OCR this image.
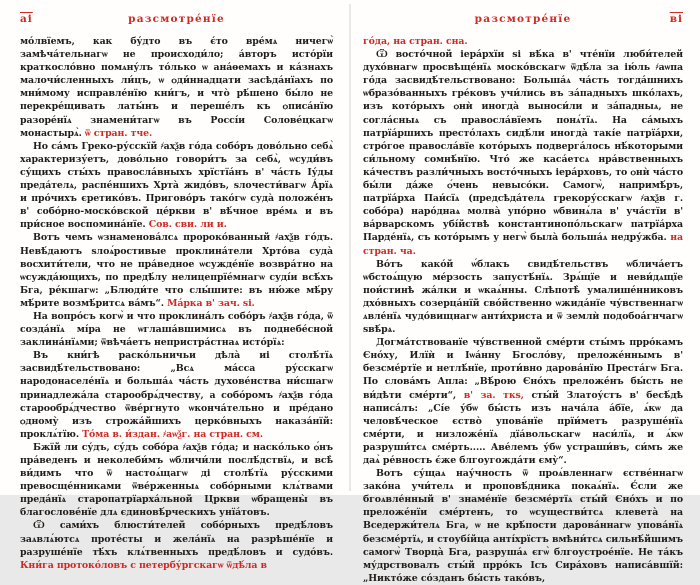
аі	разсмотре́нїе

мо́лвїемъ, как бу́дто въ є́то вре́мѧ ничегѡ̀ замѣча́тельнагѡ не происходи́ло; а́вторъ исто́рїи краткосло́вно помѧну́лъ то́лько ѡ ана́ѳемахъ и ка́знахъ малочи́сленныхъ ли́цъ, ѡ ѻди́ннадцати засѣда́нїахъ по мни́мому исправле́нїю кни́гъ, и что̀ рѣ́шено бы́ло не перекре́щивать латы́нъ и переше́лъ къ ѻписа́нїю разоре́нїѧ знамени́тагѡ въ Россі́и Солове́цкагѡ монастырѧ̀. ѿ стран. тче.

Но са́мъ Греко-ру́сскїй ҂ахѯв го́да собо́ръ дово́льно себѧ̀ характеризу́етъ, дово́льно говори́тъ за себѧ̀, ѡсуди́въ су́щихъ сты́хъ правосла́вныхъ хрїстїа́нъ в' ча́сть Іу́ды преда́телѧ, распе́ншихъ Хрта̀ жидо́въ, ѕлочести́вагѡ А́рїѧ и про́чихъ єретико́въ. Пригово́ръ тако́гѡ суда̀ положе́нъ в' собо́рно-моско́вской це́ркви в' вѣ́чное вре́мѧ и въ при́сное воспомина́нїе. Сов. сви. ли и.

Вотъ чемъ ѡзнаменова́лсѧ пророко́ванный ҂ахѯв го́дъ. Невѣ́даютъ ѕлоѧ́ростивые проклина́тели Хрто́ва суда̀ восхити́тели, что не пра́ведное ѡсужде́нїе возвра́тно на ѡсужда́ющихъ, по предѣ́лу нелицепрїе́мнагѡ суді́и всѣ́хъ Бга, ре́кшагѡ: „Блюди́те что слы́шите: въ ню́же мѣ́ру мѣ́рите возмѣ́ритсѧ ва́мъ“. Ма́рка в' зач. ѕі.

На вопро́съ когѡ̀ и что проклина́лъ собо́ръ ҂ахѯв го́да, ѿ созда́нїѧ мі́ра не ѡглаша́вшимисѧ въ поднебе́сной заклина́нїѧми; ѿвѣча́етъ непристра́стнаѧ исто́рїѧ:

Въ кни́гѣ раско́льничьи дѣла̀ иі столѣ́тїѧ засвидѣ́тельствовано: „Всѧ ма́сса ру́сскагѡ народонаселе́нїѧ и больша́ѧ ча́сть духове́нства ни́сшагѡ принадлежа́ла старообрѧ́дчеству, а собо́ромъ ҂ахѯв го́да старообрѧ́дчество ѿве́ргнуто ѡконча́тельно и пре́дано ѻдному̀ изъ строжа́йшихъ церко́вныхъ наказа́нїй: проклѧ́тїю. То́ма в. и́здан. ҂аѡѯг. на стран. см.

Бжїй ли су́дъ, су́дъ собо́ра ҂ахѯв го́да; и наско́лько ѻ́нъ пра́веденъ и неколеби́мъ ѡбличи́ли послѣ́дствїѧ, и всѣ̀ ви́димъ что ѿ настоѧ́щагѡ ді столѣ́тїѧ ру́сскими превосще́нниками ѿве́рженныѧ собо́рными клѧ́твами преда́нїѧ старопатрїарха́льной Цркви ѡбращены̀ въ благослове́нїе длѧ єдиновѣ́рческихъ унїа́товъ.

Ѿ сами́хъ блюсти́телей собо́рныхъ предѣ́ловъ заѧвлѧ́ютсѧ проте́сты и жела́нїѧ на разрѣше́нїе и разруше́нїе тѣ́хъ клѧ́твенныхъ предѣ́ловъ и судо́въ. Кни́га протоко́ловъ с петербу́ргскагѡ ѿдѣ́ла в

разсмотре́нїе	ві

го́да, на стран. сна.

Ѿ восто́чной іера́рхїи ѕі вѣ́ка в' чте́нїи люби́телей духо́внагѡ просвѣще́нїѧ моско́вскагѡ ѿдѣ́ла за ію́ль ҂аѡпа го́да засвидѣ́тельствовано: Больша́ѧ ча́сть тогда́шнихъ ѡбразо́ванныхъ гре́ковъ учи́лись въ за́падныхъ шко́лахъ, изъ кото́рыхъ ѻнѝ иногда̀ выноси́ли и за́падныѧ, не согла́сныѧ съ правосла́вїемъ понѧ́тїѧ. На са́мыхъ патрїа́ршихъ престо́лахъ сидѣ́ли иногда̀ такі́е патрїа́рхи, стро́гое правосла́вїе кото́рыхъ подверга́лось нѣ́которыми си́льному сомнѣ́нїю. Что́ же каса́етсѧ нра́вственныхъ ка́чествъ разли́чныхъ восто́чныхъ іера́рховъ, то ѻнѝ ча́сто бы́ли да́же ѻ́чень невысо́ки. Самогѡ̀, напримѣ́ръ, патрїа́рха Паи́сїѧ (предсѣда́телѧ грекору́сскагѡ ҂ахѯв г. собо́ра) наро́днаѧ молва̀ упо́рно ѡбвинѧ́ла в' уча́стїи в' ва́рварскомъ убі́йствѣ константинопо́льскагѡ патрїа́рха Парде́нїѧ, съ кото́рымъ у негѡ̀ была̀ больша́ѧ недру́жба. на стран. ча.

Во́тъ како́й ѡ́блакъ свидѣ́тельствъ ѡблича́етъ ѡбстоѧ́щую ме́рзость запустѣ́нїѧ. Зрѧ́щїе и неви́дѧщїе пои́стинѣ жа́лки и ѡкаѧ́нны. Слѣпотѣ̀ умалише́нниковъ дхо́вныхъ созерца́нїй сво́йственно ѡжида́нїе чу́вственнагѡ ѧвле́нїѧ чудо́вищнагѡ анти́христа и ѿ землѝ подобоа́гнчагѡ ѕвѣ́рѧ.

Догма́тствованїе чу́вственной сме́рти сты́мъ прро́камъ Єно́ху, Илїѝ и Іѡа́нну Бгосло́ву, преложе́ннымъ в' безсме́ртїе и нетлѣ́нїе, проти́вно дарова́нїю Преста́гѡ Бга. По слова́мъ Апла: „Вѣ́рою Єно́хъ преложе́нъ бы́сть не ви́дѣти сме́рти“, в' за. ткѕ, сты́й Златоу́стъ в' бесѣ́дѣ написа́лъ: „Сі́е у́бѡ бы́сть изъ нача́ла а́бїе, ѧ́кѡ да человѣ́ческое єство̀ упова́нїе прїи́метъ разруше́нїѧ сме́рти, и низложе́нїѧ дїа́вольскагѡ наси́лїѧ, и ѧ́кѡ разруши́тсѧ сме́рть..... Аве́лемъ у́бѡ устраши́въ, си́мъ же даѧ̀ ре́вность є́же блгоугожда́ти єму̀“.

Вотъ су́щаѧ нау́чность ѿ проѧ́вленнагѡ єстве́ннагѡ зако́на учи́телѧ и проповѣ́дника покаѧ́нїѧ. Є́сли же бгоѧвле́нный в' знаме́нїе безсме́ртїѧ сты́й Єно́хъ и по преложе́нїи сме́ртенъ, то ѡсуществи́тсѧ клевета̀ на Вседержи́телѧ Бга, ѡ не крѣ́пости дарова́ннагѡ упова́нїѧ безсме́ртїѧ, и стоубі́йца анті́хрїстъ вмѣни́тсѧ сильнѣ́йшимъ самогѡ̀ Творца̀ Бга, разруша́ѧ єгѡ̀ блгоустрое́нїе. Не та́къ му́дрствовалъ сты́й прро́къ Ісъ Сира́ховъ написа́вшїй: „Никто́же со́зданъ бы́сть тако́въ,
